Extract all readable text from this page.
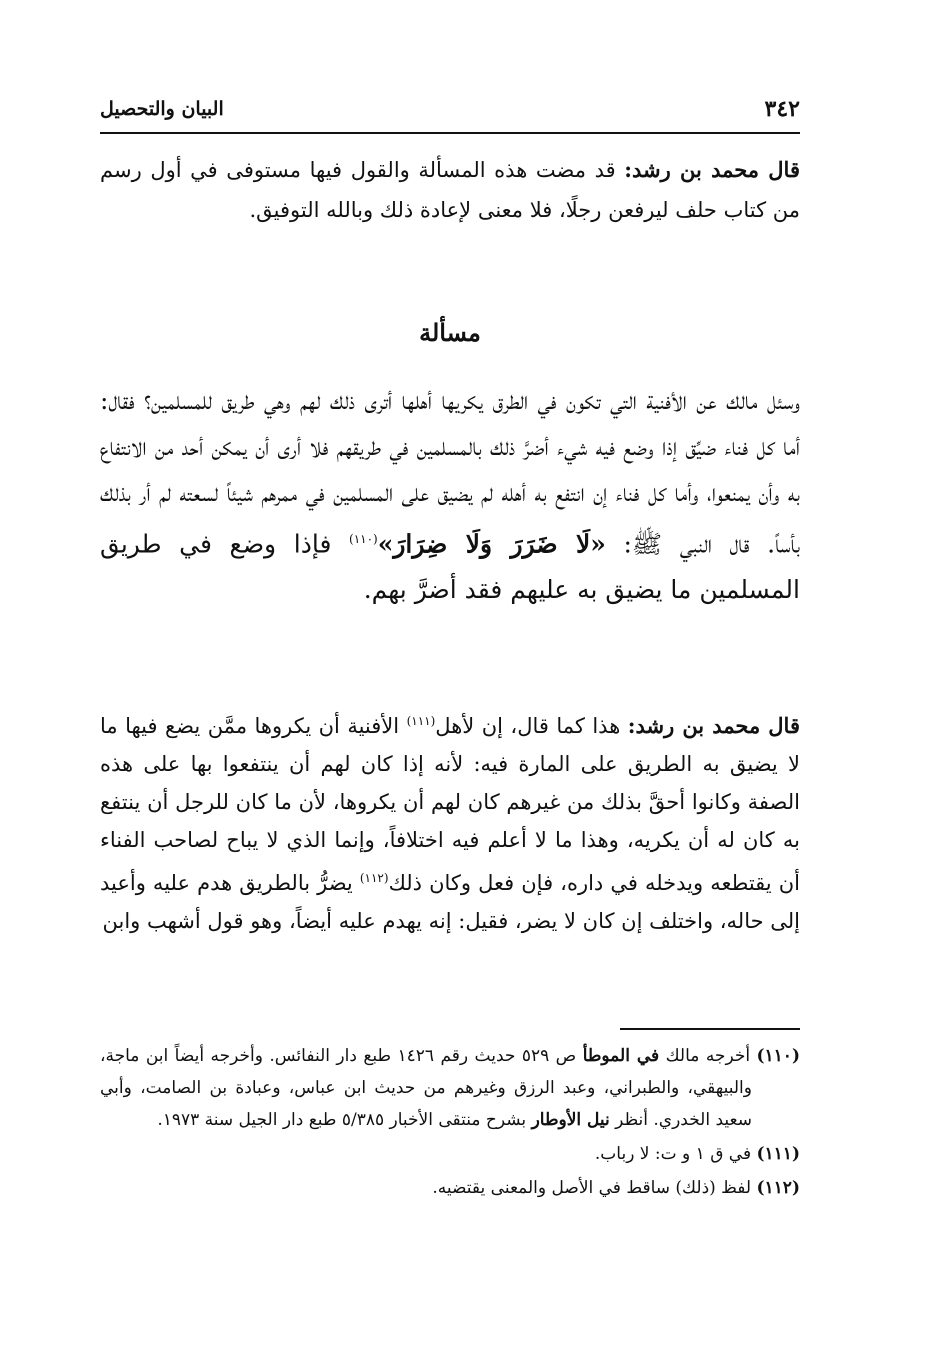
٣٤٢
البيان والتحصيل

قال محمد بن رشد: قد مضت هذه المسألة والقول فيها مستوفى في أول رسم من كتاب حلف ليرفعن رجلًا، فلا معنى لإعادة ذلك وبالله التوفيق.

مسألة

وسئل مالك عن الأفنية التي تكون في الطرق يكريها أهلها أترى ذلك لهم وهي طريق للمسلمين؟ فقال: أما كل فناء ضيِّق إذا وضع فيه شيء أضرَّ ذلك بالمسلمين في طريقهم فلا أرى أن يمكن أحد من الانتفاع به وأن يمنعوا، وأما كل فناء إن انتفع به أهله لم يضيق على المسلمين في ممرهم شيئاً لسعته لم أر بذلك بأساً. قال النبي ﷺ: «لَا ضَرَرَ وَلَا ضِرَارَ»$^{(١١٠)}$ فإذا وضع في طريق المسلمين ما يضيق به عليهم فقد أضرَّ بهم.

قال محمد بن رشد: هذا كما قال، إن لأهل$^{(١١١)}$ الأفنية أن يكروها ممَّن يضع فيها ما لا يضيق به الطريق على المارة فيه: لأنه إذا كان لهم أن ينتفعوا بها على هذه الصفة وكانوا أحقَّ بذلك من غيرهم كان لهم أن يكروها، لأن ما كان للرجل أن ينتفع به كان له أن يكريه، وهذا ما لا أعلم فيه اختلافاً، وإنما الذي لا يباح لصاحب الفناء أن يقتطعه ويدخله في داره، فإن فعل وكان ذلك$^{(١١٢)}$ يضرُّ بالطريق هدم عليه وأعيد إلى حاله، واختلف إن كان لا يضر، فقيل: إنه يهدم عليه أيضاً، وهو قول أشهب وابن

(١١٠) أخرجه مالك في الموطأ ص ٥٢٩ حديث رقم ١٤٢٦ طبع دار النفائس. وأخرجه أيضاً ابن ماجة، والبيهقي، والطبراني، وعبد الرزق وغيرهم من حديث ابن عباس، وعبادة بن الصامت، وأبي سعيد الخدري. أنظر نيل الأوطار بشرح منتقى الأخبار ٥/٣٨٥ طبع دار الجيل سنة ١٩٧٣.

(١١١) في ق ١ و ت: لا رباب.

(١١٢) لفظ (ذلك) ساقط في الأصل والمعنى يقتضيه.
